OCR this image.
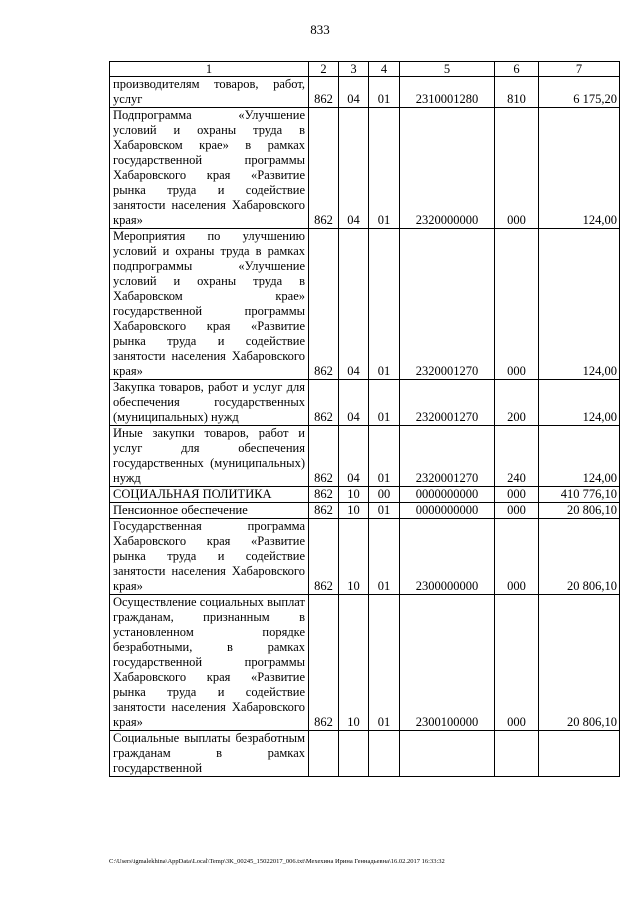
833
1	2	3	4	5	6	7
производителям товаров, работ, услуг	862	04	01	2310001280	810	6 175,20
Подпрограмма «Улучшение условий и охраны труда в Хабаровском крае» в рамках государственной программы Хабаровского края «Развитие рынка труда и содействие занятости населения Хабаровского края»	862	04	01	2320000000	000	124,00
Мероприятия по улучшению условий и охраны труда в рамках подпрограммы «Улучшение условий и охраны труда в Хабаровском крае» государственной программы Хабаровского края «Развитие рынка труда и содействие занятости населения Хабаровского края»	862	04	01	2320001270	000	124,00
Закупка товаров, работ и услуг для обеспечения государственных (муниципальных) нужд	862	04	01	2320001270	200	124,00
Иные закупки товаров, работ и услуг для обеспечения государственных (муниципальных) нужд	862	04	01	2320001270	240	124,00
СОЦИАЛЬНАЯ ПОЛИТИКА	862	10	00	0000000000	000	410 776,10
Пенсионное обеспечение	862	10	01	0000000000	000	20 806,10
Государственная программа Хабаровского края «Развитие рынка труда и содействие занятости населения Хабаровского края»	862	10	01	2300000000	000	20 806,10
Осуществление социальных выплат гражданам, признанным в установленном порядке безработными, в рамках государственной программы Хабаровского края «Развитие рынка труда и содействие занятости населения Хабаровского края»	862	10	01	2300100000	000	20 806,10
Социальные выплаты безработным гражданам в рамках государственной						
C:\Users\igmalekhina\AppData\Local\Temp\3K_00245_15022017_006.txt\Мехехина Ирина Геннадьевна\16.02.2017 16:33:32
